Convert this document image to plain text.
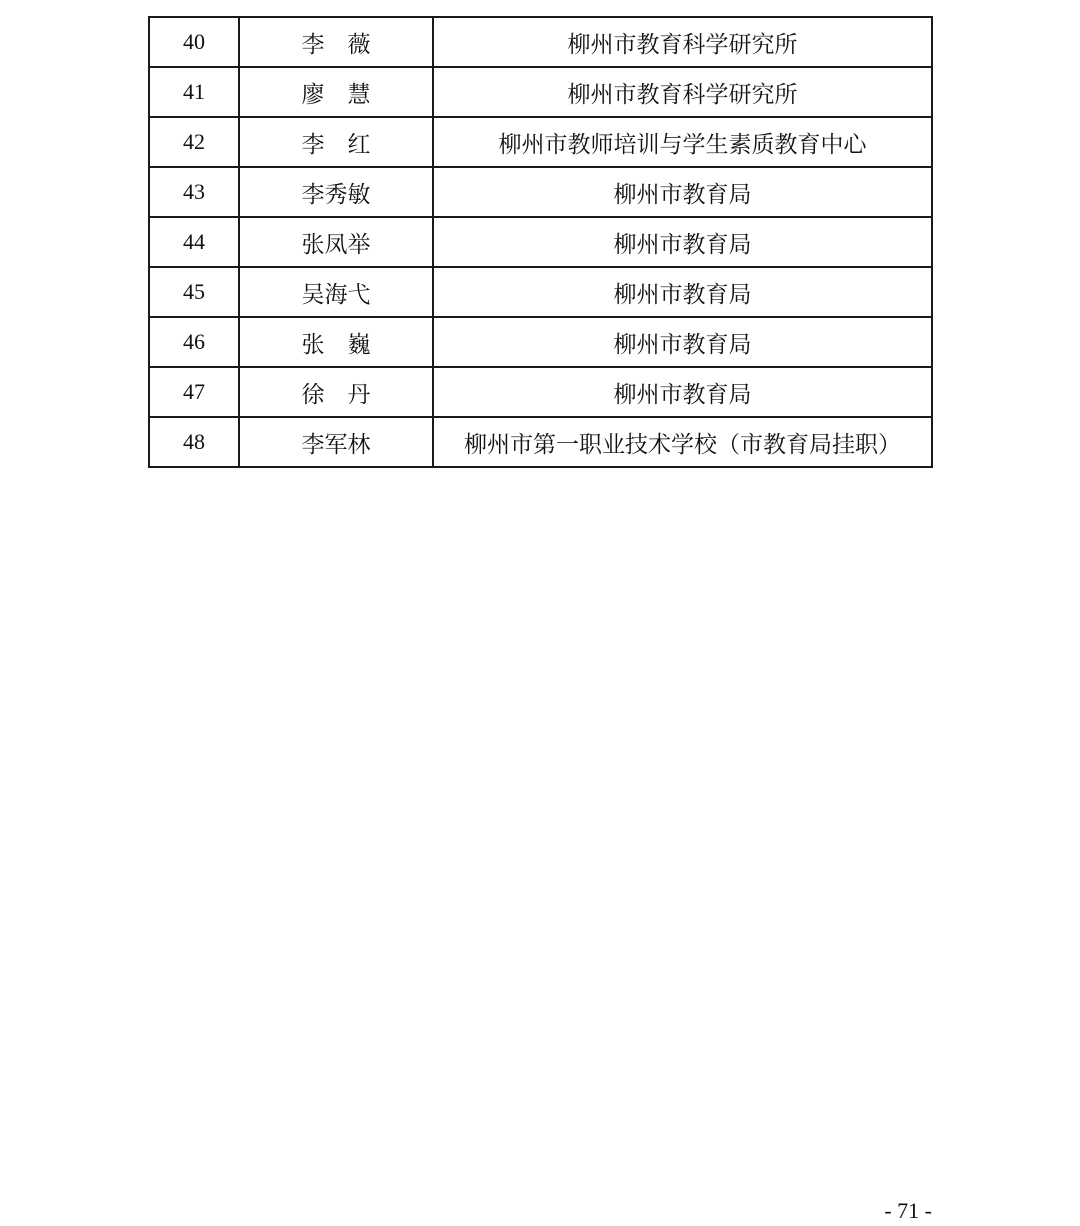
40	李　薇	柳州市教育科学研究所
41	廖　慧	柳州市教育科学研究所
42	李　红	柳州市教师培训与学生素质教育中心
43	李秀敏	柳州市教育局
44	张凤举	柳州市教育局
45	吴海弋	柳州市教育局
46	张　巍	柳州市教育局
47	徐　丹	柳州市教育局
48	李军林	柳州市第一职业技术学校（市教育局挂职）
- 71 -
